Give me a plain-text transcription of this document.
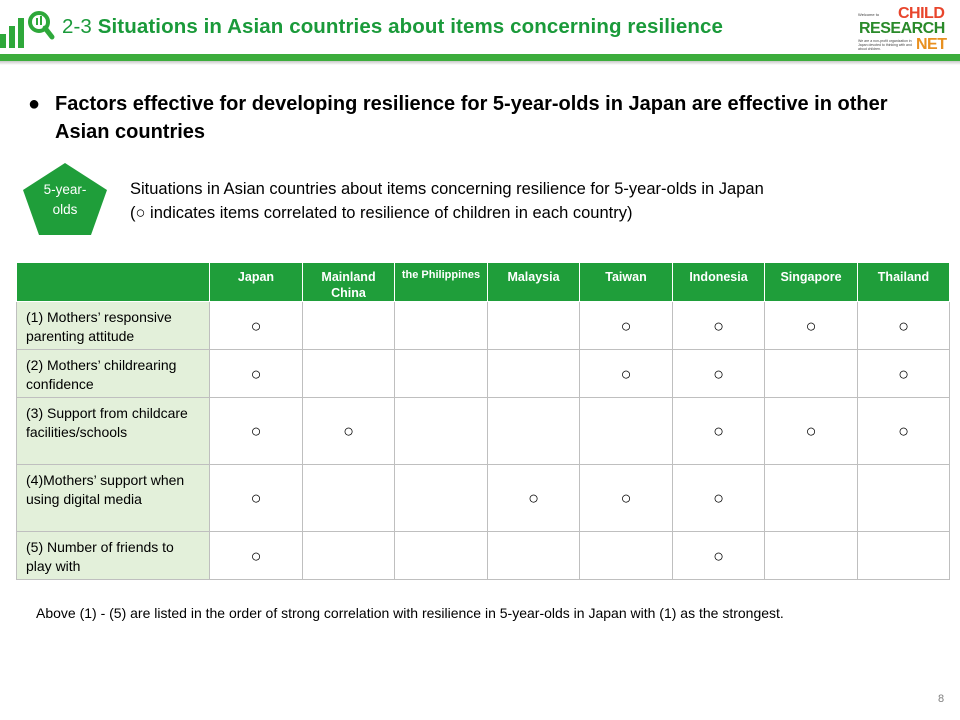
2-3 Situations in Asian countries about items concerning resilience
Welcome to CHILD
RESEARCH
We are a non-profit organization in Japan devoted to thinking with and about children.	NET
● Factors effective for developing resilience for 5-year-olds in Japan are effective in other Asian countries
5-year-olds
Situations in Asian countries about items concerning resilience for 5-year-olds in Japan
(○ indicates items correlated to resilience of children in each country)
	Japan	Mainland China	the Philippines	Malaysia	Taiwan	Indonesia	Singapore	Thailand
(1) Mothers’ responsive parenting attitude	○				○	○	○	○
(2) Mothers’ childrearing confidence	○				○	○		○
(3) Support from childcare facilities/schools	○	○				○	○	○
(4)Mothers’ support when using digital media	○			○	○	○		
(5) Number of friends to play with	○					○		
Above (1) - (5) are listed in the order of strong correlation with resilience in 5-year-olds in Japan with (1) as the strongest.
8
